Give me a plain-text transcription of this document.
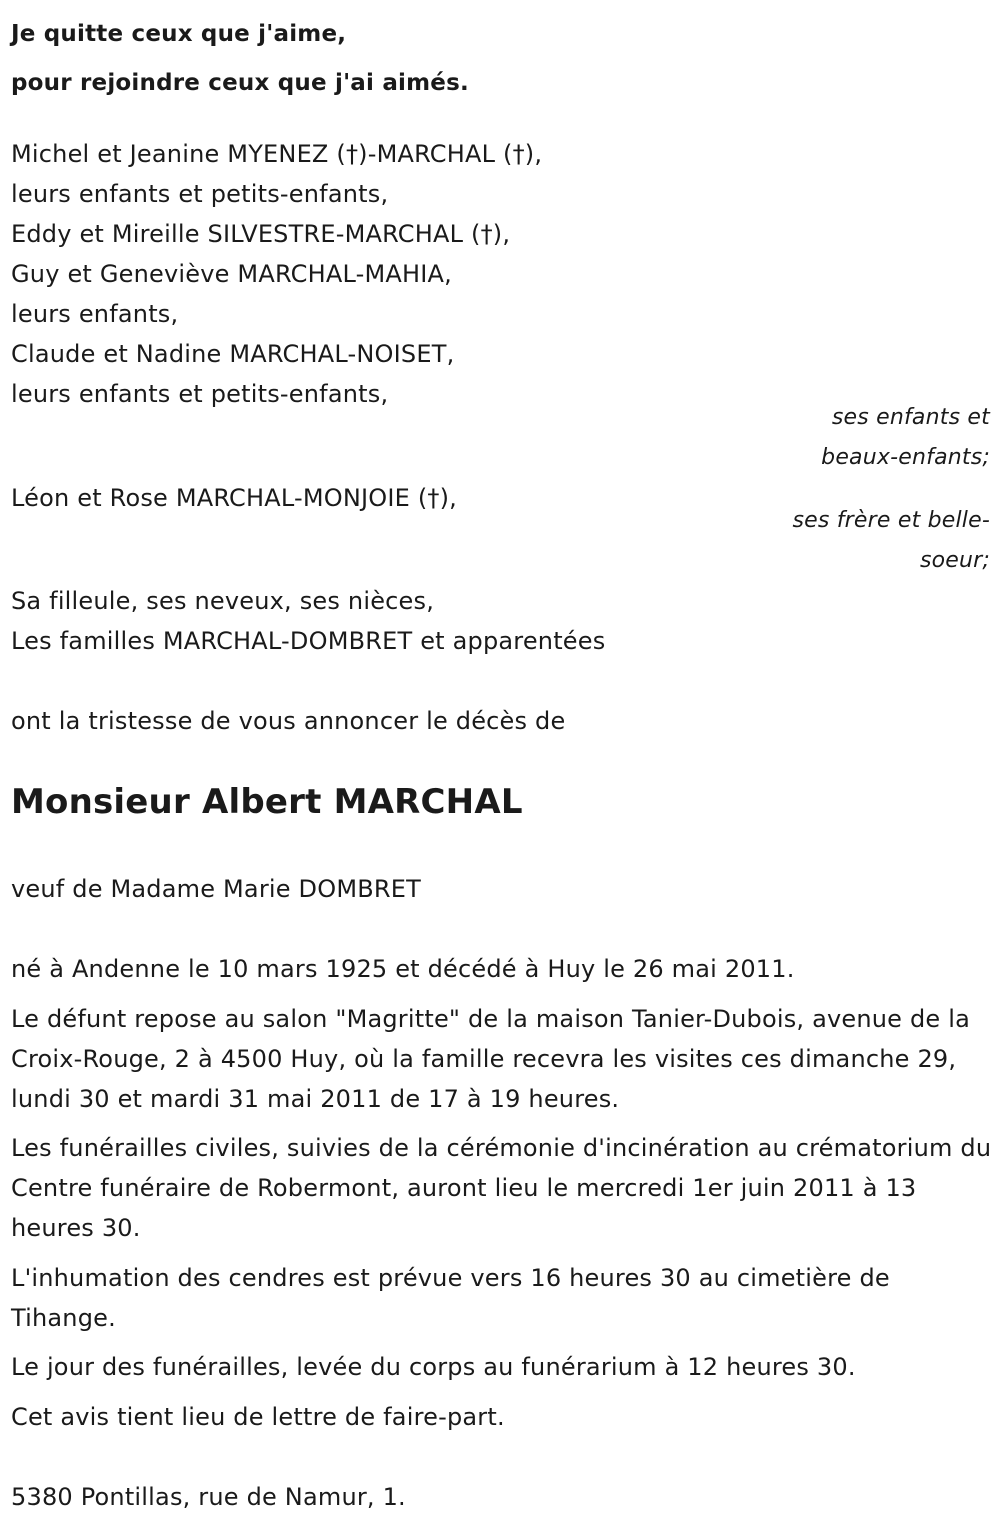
Je quitte ceux que j'aime,
pour rejoindre ceux que j'ai aimés.
Michel et Jeanine MYENEZ (†)-MARCHAL (†),
leurs enfants et petits-enfants,
Eddy et Mireille SILVESTRE-MARCHAL (†),
Guy et Geneviève MARCHAL-MAHIA,
leurs enfants,
Claude et Nadine MARCHAL-NOISET,
leurs enfants et petits-enfants,
ses enfants et
beaux-enfants;
Léon et Rose MARCHAL-MONJOIE (†),
ses frère et belle-
soeur;
Sa filleule, ses neveux, ses nièces,
Les familles MARCHAL-DOMBRET et apparentées
ont la tristesse de vous annoncer le décès de
Monsieur Albert MARCHAL
veuf de Madame Marie DOMBRET

né à Andenne le 10 mars 1925 et décédé à Huy le 26 mai 2011.

Le défunt repose au salon "Magritte" de la maison Tanier-Dubois, avenue de la Croix-Rouge, 2 à 4500 Huy, où la famille recevra les visites ces dimanche 29, lundi 30 et mardi 31 mai 2011 de 17 à 19 heures.

Les funérailles civiles, suivies de la cérémonie d'incinération au crématorium du Centre funéraire de Robermont, auront lieu le mercredi 1er juin 2011 à 13 heures 30.

L'inhumation des cendres est prévue vers 16 heures 30 au cimetière de Tihange.

Le jour des funérailles, levée du corps au funérarium à 12 heures 30.

Cet avis tient lieu de lettre de faire-part.

5380 Pontillas, rue de Namur, 1.
